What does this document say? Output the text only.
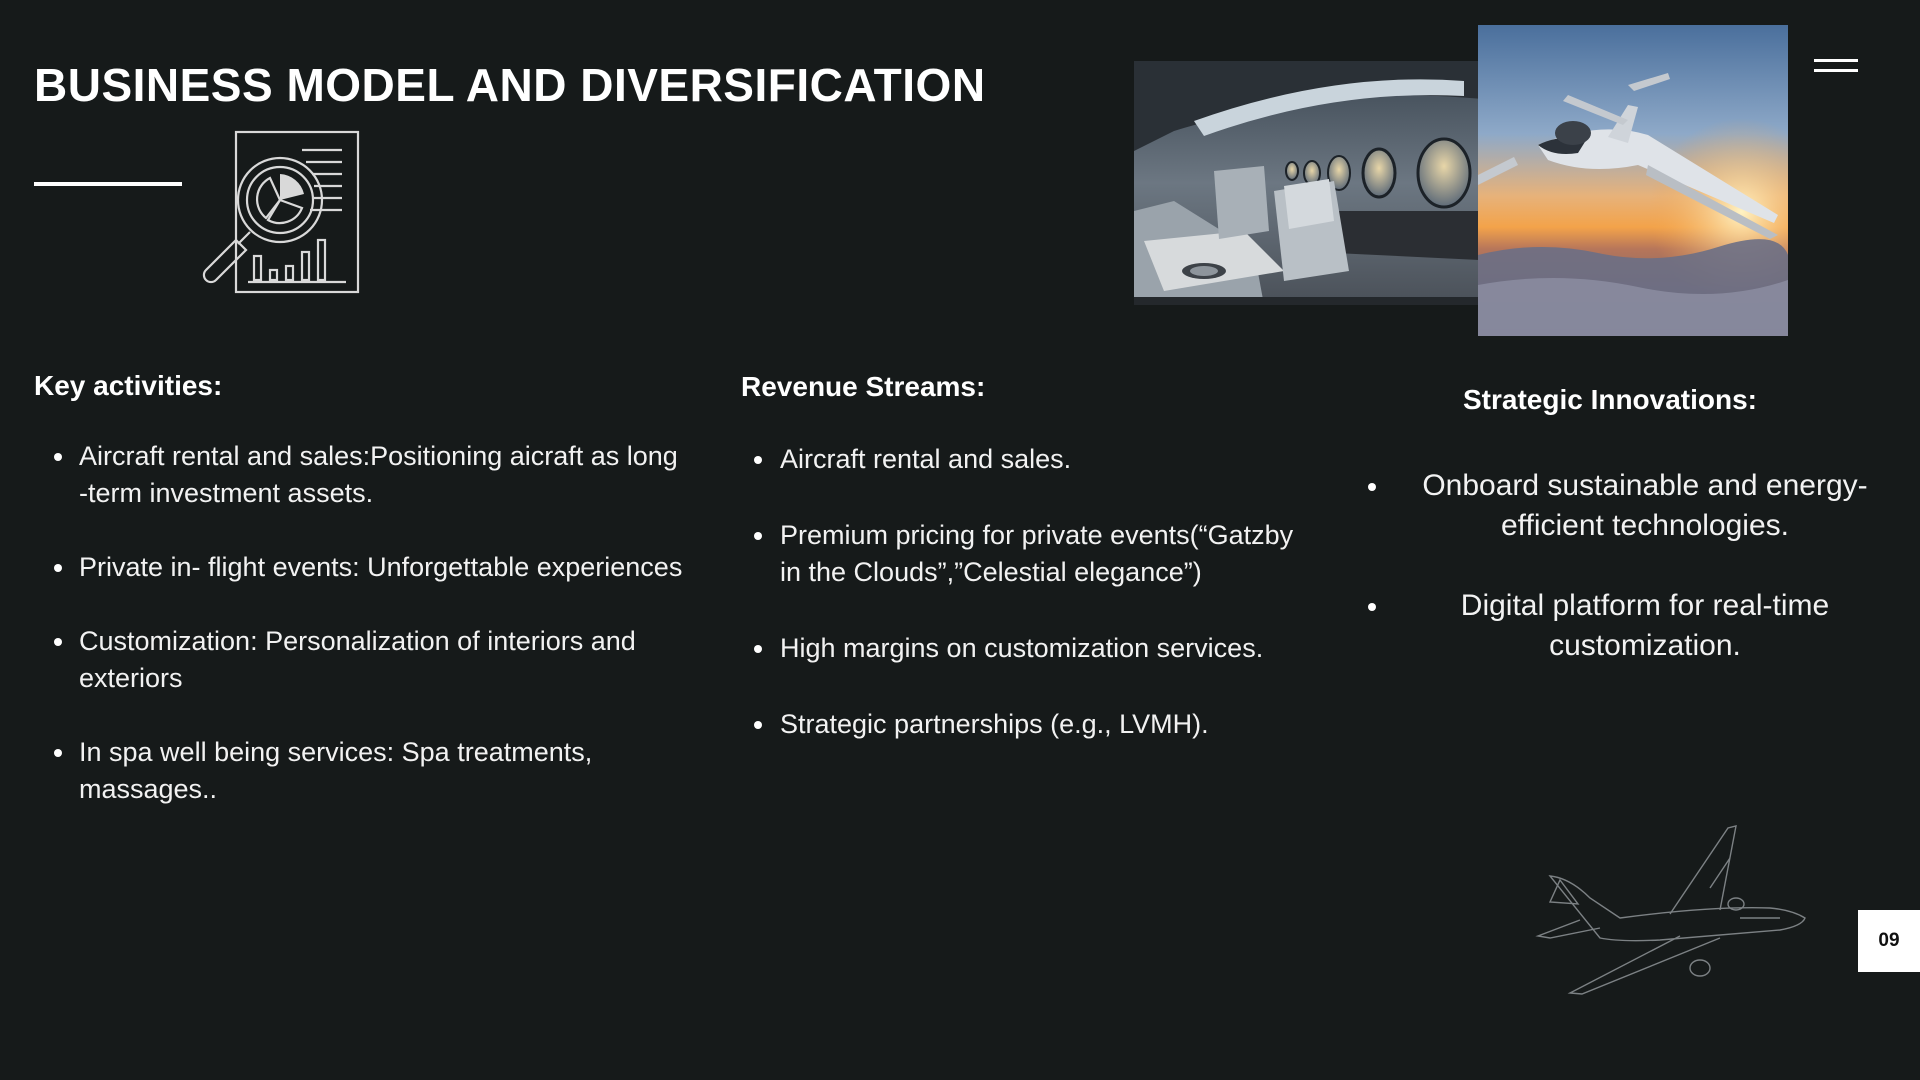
BUSINESS MODEL AND DIVERSIFICATION
Key activities:
Aircraft rental and sales:Positioning aicraft as long -term investment assets.
Private in- flight events: Unforgettable experiences
Customization: Personalization of interiors and exteriors
In spa well being services: Spa treatments, massages..
Revenue Streams:
Aircraft rental and sales.
Premium pricing for private events(“Gatzby in the Clouds”,”Celestial elegance”)
High margins on customization services.
Strategic partnerships (e.g., LVMH).
Strategic Innovations:
Onboard sustainable and energy-efficient technologies.
Digital platform for real-time customization.
09
